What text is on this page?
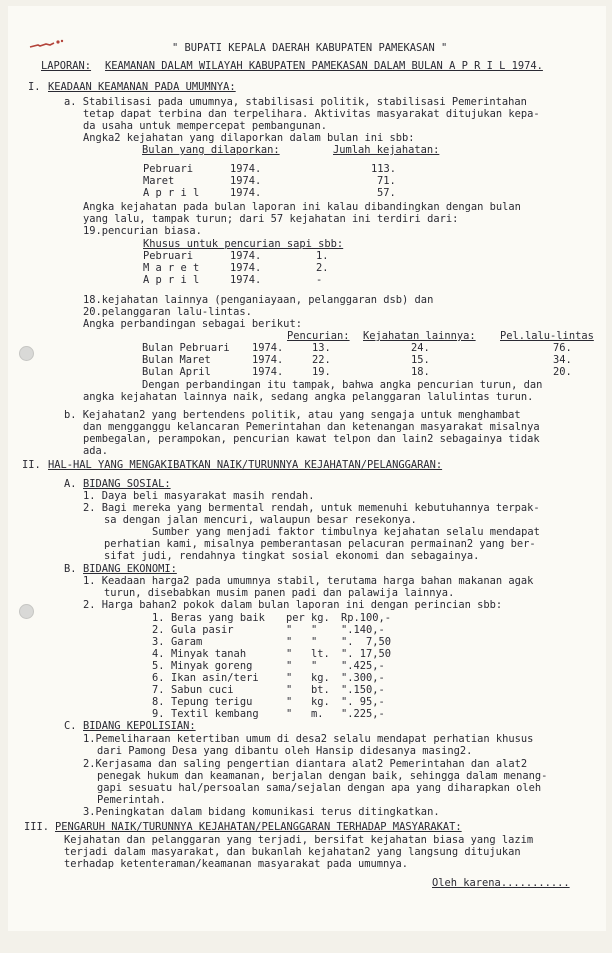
" BUPATI KEPALA DAERAH KABUPATEN PAMEKASAN "
LAPORAN: KEAMANAN DALAM WILAYAH KABUPATEN PAMEKASAN DALAM BULAN A P R I L 1974.
I. KEADAAN KEAMANAN PADA UMUMNYA:
a. Stabilisasi pada umumnya, stabilisasi politik, stabilisasi Pemerintahan
tetap dapat terbina dan terpelihara. Aktivitas masyarakat ditujukan kepa-
da usaha untuk mempercepat pembangunan.
Angka2 kejahatan yang dilaporkan dalam bulan ini sbb:
Bulan yang dilaporkan:	Jumlah kejahatan:
Pebruari	1974.	113.
Maret	1974.	71.
A p r i l	1974.	57.
Angka kejahatan pada bulan laporan ini kalau dibandingkan dengan bulan
yang lalu, tampak turun; dari 57 kejahatan ini terdiri dari:
19.pencurian biasa.
Khusus untuk pencurian sapi sbb:
Pebruari	1974.	1.
M a r e t	1974.	2.
A p r i l	1974.	-
18.kejahatan lainnya (penganiayaan, pelanggaran dsb) dan
20.pelanggaran lalu-lintas.
Angka perbandingan sebagai berikut:
Pencurian: Kejahatan lainnya: Pel.lalu-lintas
Bulan Pebruari 1974.	13.	24.	76.
Bulan Maret	1974.	22.	15.	34.
Bulan April	1974.	19.	18.	20.
Dengan perbandingan itu tampak, bahwa angka pencurian turun, dan
angka kejahatan lainnya naik, sedang angka pelanggaran lalulintas turun.
b. Kejahatan2 yang bertendens politik, atau yang sengaja untuk menghambat
dan mengganggu kelancaran Pemerintahan dan ketenangan masyarakat misalnya
pembegalan, perampokan, pencurian kawat telpon dan lain2 sebagainya tidak
ada.
II. HAL-HAL YANG MENGAKIBATKAN NAIK/TURUNNYA KEJAHATAN/PELANGGARAN:
A. BIDANG SOSIAL:
1. Daya beli masyarakat masih rendah.
2. Bagi mereka yang bermental rendah, untuk memenuhi kebutuhannya terpak-
sa dengan jalan mencuri, walaupun besar resekonya.
Sumber yang menjadi faktor timbulnya kejahatan selalu mendapat
perhatian kami, misalnya pemberantasan pelacuran permainan2 yang ber-
sifat judi, rendahnya tingkat sosial ekonomi dan sebagainya.
B. BIDANG EKONOMI:
1. Keadaan harga2 pada umumnya stabil, terutama harga bahan makanan agak
turun, disebabkan musim panen padi dan palawija lainnya.
2. Harga bahan2 pokok dalam bulan laporan ini dengan perincian sbb:
1. Beras yang baik per kg. Rp.100,-
2. Gula pasir	"   " ".140,-
3. Garam	"   " ".  7,50
4. Minyak tanah	"   lt. ". 17,50
5. Minyak goreng	"   " ".425,-
6. Ikan asin/teri	"   kg. ".300,-
7. Sabun cuci	"   bt. ".150,-
8. Tepung terigu	"   kg. ". 95,-
9. Textil kembang	"   m. ".225,-
C. BIDANG KEPOLISIAN:
1.Pemeliharaan ketertiban umum di desa2 selalu mendapat perhatian khusus
dari Pamong Desa yang dibantu oleh Hansip didesanya masing2.
2.Kerjasama dan saling pengertian diantara alat2 Pemerintahan dan alat2
penegak hukum dan keamanan, berjalan dengan baik, sehingga dalam menang-
gapi sesuatu hal/persoalan sama/sejalan dengan apa yang diharapkan oleh
Pemerintah.
3.Peningkatan dalam bidang komunikasi terus ditingkatkan.
III. PENGARUH NAIK/TURUNNYA KEJAHATAN/PELANGGARAN TERHADAP MASYARAKAT:
Kejahatan dan pelanggaran yang terjadi, bersifat kejahatan biasa yang lazim
terjadi dalam masyarakat, dan bukanlah kejahatan2 yang langsung ditujukan
terhadap ketenteraman/keamanan masyarakat pada umumnya.
Oleh karena...........
